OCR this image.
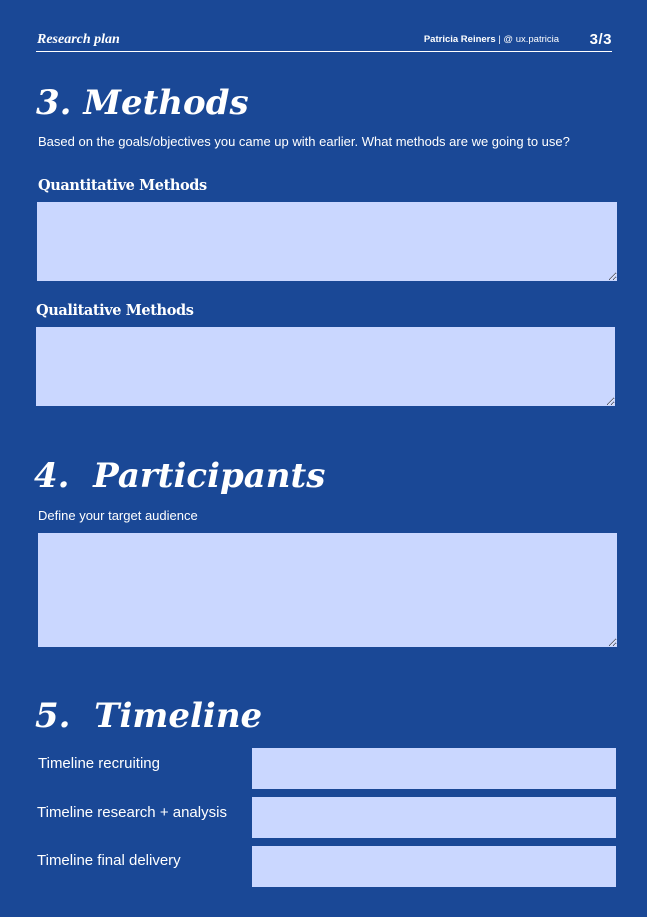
Research plan	Patricia Reiners | @ ux.patricia 3/3
3. Methods
Based on the goals/objectives you came up with earlier. What methods are we going to use?
Quantitative Methods
Qualitative Methods
4.  Participants
Define your target audience
5.  Timeline
Timeline recruiting
Timeline research + analysis
Timeline final delivery
